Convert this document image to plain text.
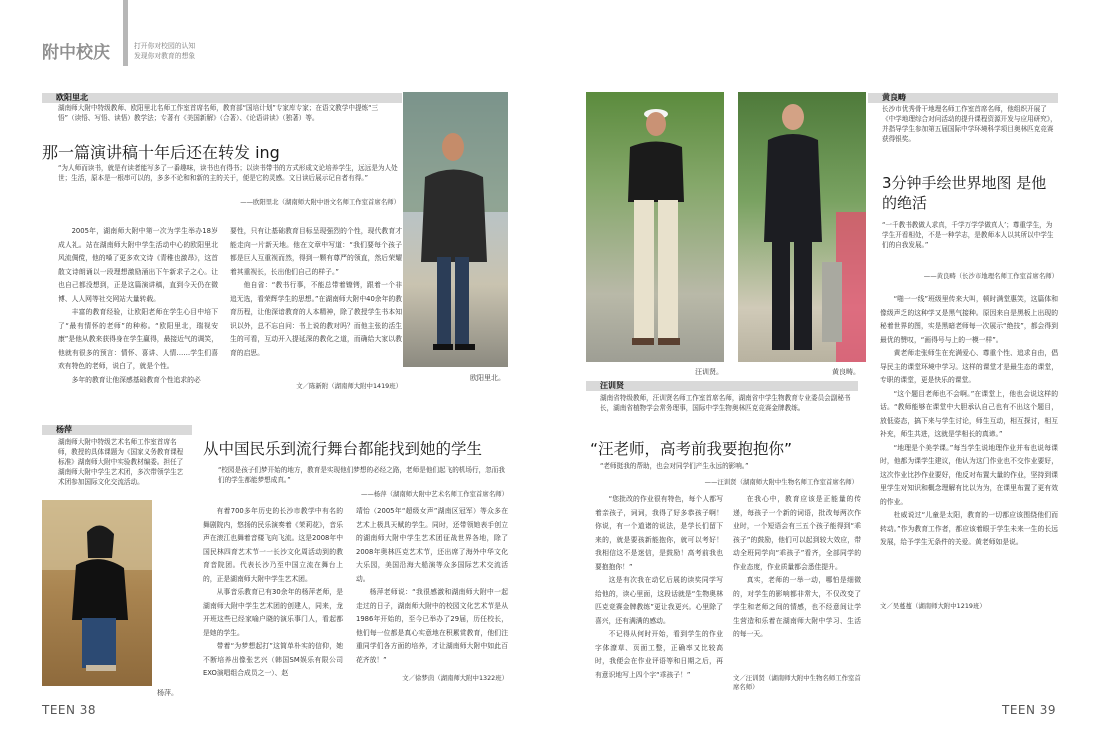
附中校庆	打开你对校园的认知
发现你对教育的想象
欧阳里北
湖南师大附中特级教师、欧阳里北名师工作室首席名师，教育部“国培计划”专家库专家；在语文教学中提炼“三悟”（读悟、写悟、读悟）教学法；专著有《美国新解》（合著）、《论语讲读》（独著）等。
那一篇演讲稿十年后还在转发 ing
“为人师而读书，就是有读者能写多了一番趣味，读书也有得书；以读书带书的方式形成文论培养学生，远远是为人处世；生活，原本是一根串可以的，多多不论和和新的主的关于，便是它的灵感。文日读后展示记自者有得。”
——欧阳里北（湖南师大附中语文名师工作室首席名师）
2005年，湖南师大附中第一次为学生举办18岁成人礼。站在湖南师大附中学生活动中心的欧阳里北风流倜傥，他的嗓了更多欢文诗《青稚也激昂》，这首散文诗朗诵以一段理想激励涌出下午新求子之心。让也自己都没想到，正是这篇演讲稿，直到今天仍在微博、人人网等社交网站大量转载。
丰富的教育经验，让欧阳老师在学生心目中培下了“最有情怀的老师”的种称。“欧阳里北，瑞视安康”是他从教来获得身在学生赢得，最接近气的调笑，他就有很多的预言：情怀、喜讲、人情……学生们喜欢有特色的老师，说白了，就是个性。
多年的教育让他深感基础教育个性追求的必
要性，只有让基础教育目标呈现强烈的个性，现代教育才能走向一片新天地。他在文章中写道：“我们要每个孩子都是巨人互重视而然，得到一颗有尊严的领直，然后荣耀着其重视长，长出他们自己的样子。”
他自省：“教书行事，不能总带着镣铐，跟着一个非追无选，看荣辉学生的思想。”在湖南师大附中40余年的教育历程，让他深谙教育的人本精神，除了教授学生书本知识以外，总不忘自问：书上说的教对吗？而他主张的活生生的可看，互动开入提延深的教化之道，而确给大家以教育的启思。
文／陈新附（湖南师大附中1419班）
欧阳里北。
杨萍
湖南师大附中特级艺术名师工作室首席名师，教授的具体课题为《国家义务教育课程标准》湖南师大附中实验教材编委。担任了湖南师大附中学生艺术团，多次带领学生艺术团参加国际文化交流活动。
从中国民乐到流行舞台都能找到她的学生
“校园是孩子们梦开始的地方，教育是实现他们梦想的必经之路，老师是他们起飞的机场行，忽而我们的学生都能梦想成真。”
——杨萍（湖南师大附中艺术名师工作室首席名师）
杨萍。
有着700多年历史的长沙市教学中有名的舞剧院内，悠扬的民乐演奏着《茉莉花》，音乐声在滚江也舞着音楼飞向飞流。这是2008年中国民林四育艺术节一一长沙文化周活动到的教育音院团。代表长沙乃至中国立流在舞台上的，正是湖南师大附中学生艺术团。
从事音乐教育已有30余年的杨萍老师，是湖南师大附中学生艺术团的创建人，同来，龙开班这些已经家喻户晓的演乐事门人，看起都是她的学生。
带着“为梦想起打”这简单朴实的信仰，她不断培养出像张艺兴（韩国SM娱乐有限公司EXO演唱组合成员之一）、赵
靖怡（2005年“超级女声”湖南区冠军）等众多在艺术上极具天赋的学生。同时，还带领她表手创立的湖南师大附中学生艺术团征战世界各地，除了2008年奥林匹克艺术节，还出席了海外中华文化大乐园，美国沿海大船演等众多国际艺术交流活动。
杨萍老师说：“我很感激和湖南师大附中一起走过的日子，湖南师大附中的校园文化艺术节是从1986年开始的，至今已举办了29届，历任校长，他们每一位都是真心实意地在积累赏教育，他们注重同学们各方面的培养，才让湖南师大附中如此百花齐放！”
文／徐梦茵（湖南师大附中1322班）
TEEN 38
汪训贤。	黄良畴。
黄良畴
长沙市优秀骨干地理名师工作室首席名师，他组织开展了《中学地理综合对问活动的提升课程资源开发与应用研究》，并指导学生参加第五届国际中学环境科学项目奥林匹克竞赛获得银奖。
3分钟手绘世界地图 是他的绝活
“一千教书教做人求真，千学万学学做真人’；尊重学生，为学生开看相处，不是一种学志，是教师本人以其所以中学生们的自我发展。”
——黄良畴（长沙市地理名师工作室首席名师）
“啪一一线”班级里传来大叫，顿时满堂惠笑，这篇体和像级声乏的这种学又是黑气接种。原因来自是黑板上出现的秘着世界的图，实是黑暗老师每一次展示“绝技”，都会得到最优的赞叹，“画得号与上的一模一样”。
黄老师走张师生在充满爱心、尊重个性、追求自由，倡导民主的课堂环境中学习。这样的课堂才是最生态的课堂，专职的课堂，更是快乐的课堂。
“这个题目老师也不会啊。”在课堂上，他也会说这样的话。“教师能够在课堂中大胆承认自己也有不出这个题目，放低姿态，搞下来与学生讨论，师生互动，相互探讨，相互补充，师生共进，这就是学相长的真谛。”
“地理是个美学课。”每当学生说地理作业并布也说每课时，他都为课学生建议，他认为这门作业也不交作业要好，这次作业比抄作业要好，他反对布置大量的作业，坚持到课里学生对知识和概念理解有比以为为，在课里布置了更有效的作业。
杜威说过“儿童是太阳，教育的一切都应该围绕他们而转动。”作为教育工作者，都应该着眼于学生未来一生的长远发展，给予学生无条件的关爱。黄老师如是说。
文／吴蔓蔓（湖南师大附中1219班）
汪训贤
湖南省特级教师，汪训贤名师工作室首席名师，湖南省中学生物教育专业委员会副秘书长，湖南省植物学会常务理事，国际中学生物奥林匹克竞赛金牌教练。
“汪老师，高考前我要抱抱你”
“老师挺我的帮助，也会对同学们产生永远的影响。”
——汪训贤（湖南师大附中生物名师工作室首席名师）
“您批改的作业很有特色，每个人都写着亲孩子，词词，我得了好多恭孩子啊！你说，有一个道诸的说法，是学长们留下来的，就是要孩新能抱你，就可以考好！我相信这不是迷信，是鼓励！高考前我也要抱抱你！”
这是有次我在动忆后展的读奖同学写给他的，读心里面，这段话就是“生物奥林匹克竞赛金牌教练”更让我更兴。心里除了喜兴，还有满满的感动。
不记得从何时开始，看到学生的作业字体潦草、页面工整，正确率又比较高时，我便会在作业评语等和日期之后，再有意识地写上四个字“乖孩子！”
在我心中，教育应该是正能量的传递，每孩子一个新的词语，批改每两次作业时，一个短语会有三五个孩子能得到“乖孩子”的鼓励，他们可以起到较大效应，带动全班同学向“乖孩子”看齐，全部同学的作业态度，作业质量都会悉佳提升。
真实，老师的一举一动，哪怕是细微的，对学生的影响都非常大，不仅改变了学生和老师之间的情感，也不经意间让学生营造和乐着在湖南师大附中学习、生活的每一天。
文／汪训贤（湖南师大附中生物名师工作室首席名师）
TEEN 39
